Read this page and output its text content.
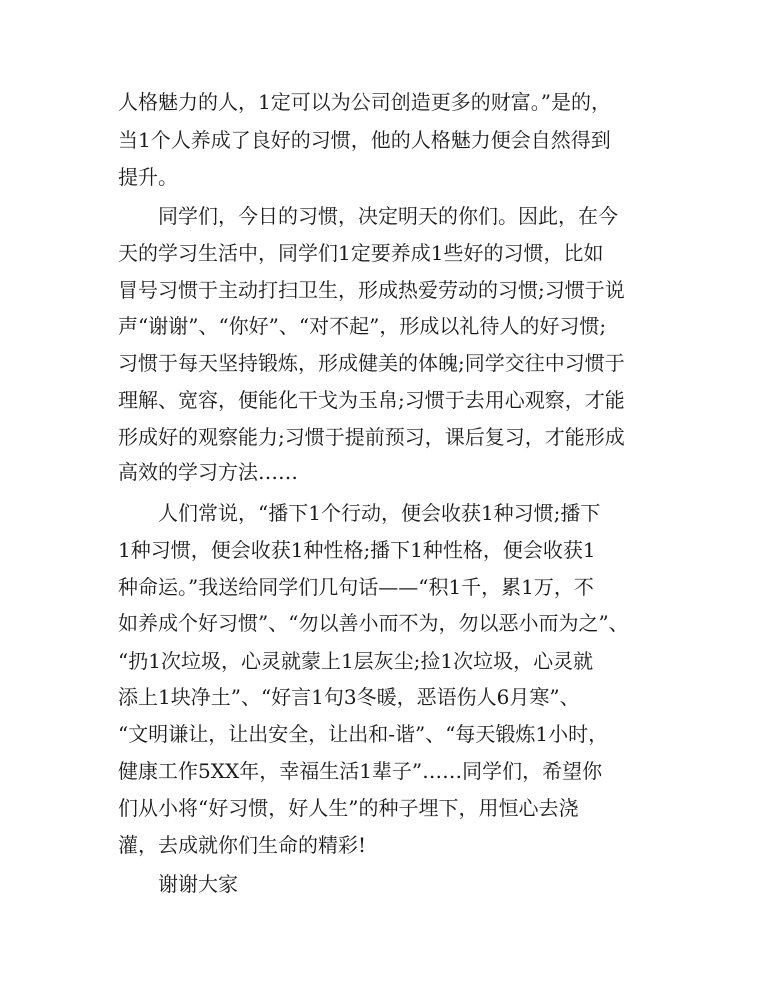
人格魅力的人，1定可以为公司创造更多的财富。”是的，

当1个人养成了良好的习惯，他的人格魅力便会自然得到

提升。

同学们，今日的习惯，决定明天的你们。因此，在今

天的学习生活中，同学们1定要养成1些好的习惯，比如

冒号习惯于主动打扫卫生，形成热爱劳动的习惯;习惯于说

声“谢谢”、“你好”、“对不起”，形成以礼待人的好习惯;

习惯于每天坚持锻炼，形成健美的体魄;同学交往中习惯于

理解、宽容，便能化干戈为玉帛;习惯于去用心观察，才能

形成好的观察能力;习惯于提前预习，课后复习，才能形成

高效的学习方法……

人们常说，“播下1个行动，便会收获1种习惯;播下

1种习惯，便会收获1种性格;播下1种性格，便会收获1

种命运。”我送给同学们几句话——“积1千，累1万，不

如养成个好习惯”、“勿以善小而不为，勿以恶小而为之”、

“扔1次垃圾，心灵就蒙上1层灰尘;捡1次垃圾，心灵就

添上1块净土”、“好言1句3冬暖，恶语伤人6月寒”、

“文明谦让，让出安全，让出和-谐”、“每天锻炼1小时，

健康工作5XX年，幸福生活1辈子”……同学们，希望你

们从小将“好习惯，好人生”的种子埋下，用恒心去浇

灌，去成就你们生命的精彩!

谢谢大家
